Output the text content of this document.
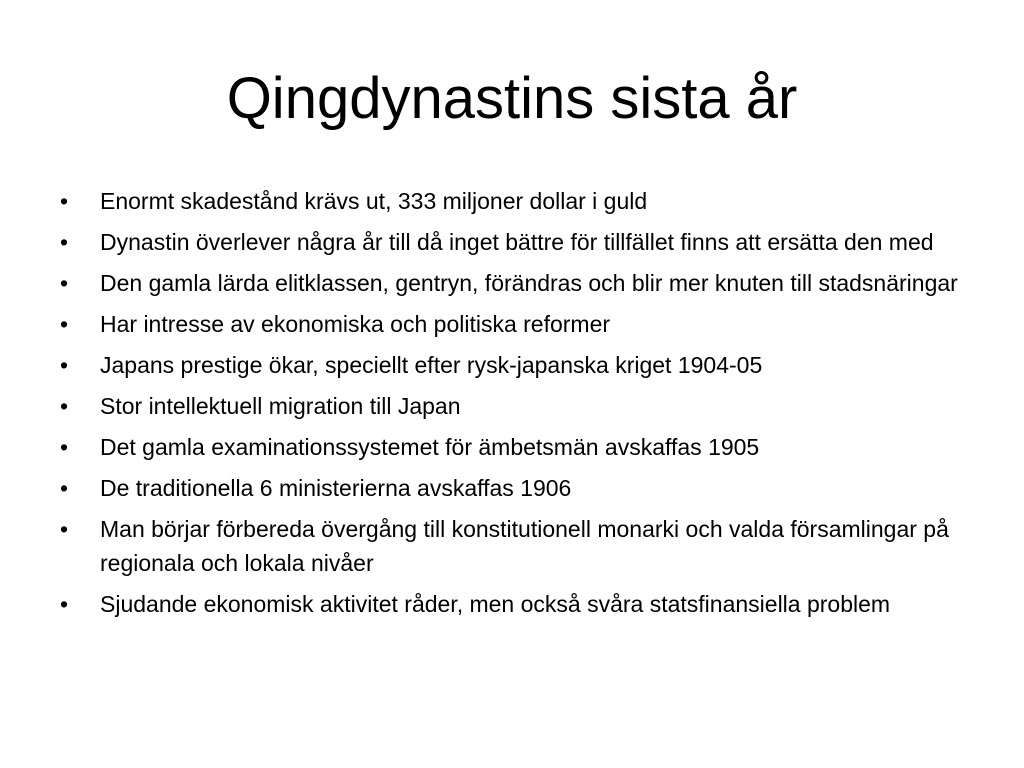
Qingdynastins sista år
•	Enormt skadestånd krävs ut, 333 miljoner dollar i guld
•	Dynastin överlever några år till då inget bättre för tillfället finns att ersätta den med
•	Den gamla lärda elitklassen, gentryn, förändras och blir mer knuten till stadsnäringar
•	Har intresse av ekonomiska och politiska reformer
•	Japans prestige ökar, speciellt efter rysk-japanska kriget 1904-05
•	Stor intellektuell migration till Japan
•	Det gamla examinationssystemet för ämbetsmän avskaffas 1905
•	De traditionella 6 ministerierna avskaffas 1906
•	Man börjar förbereda övergång till konstitutionell monarki och valda församlingar på regionala och lokala nivåer
•	Sjudande ekonomisk aktivitet råder, men också svåra statsfinansiella problem
